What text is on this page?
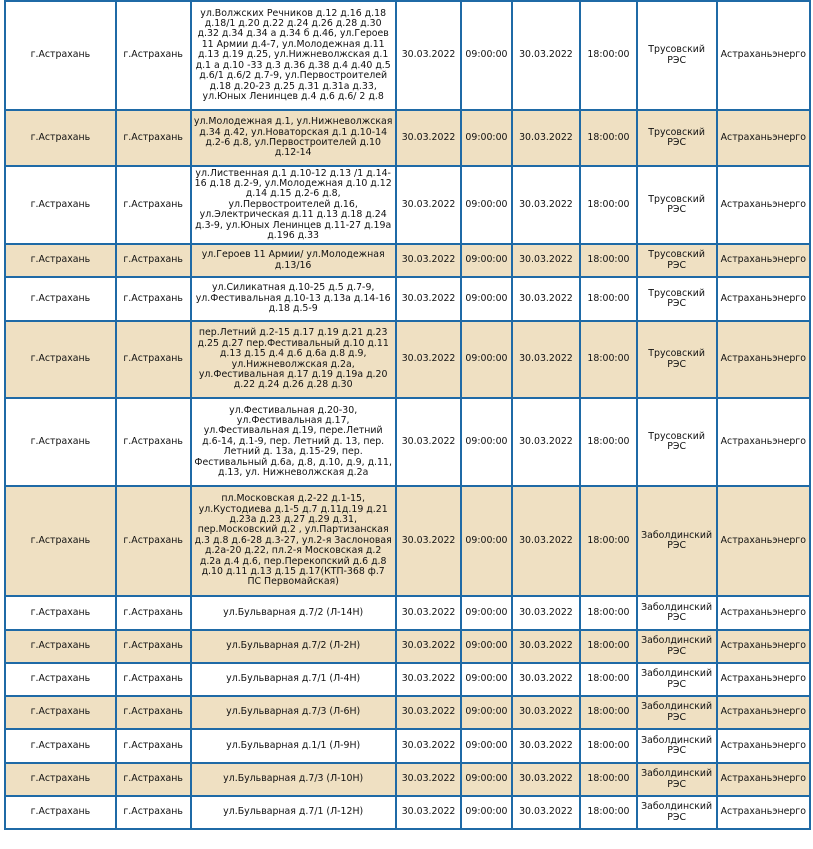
г.Астрахань	г.Астрахань	ул.Волжских Речников д.12 д.16 д.18 д.18/1 д.20 д.22 д.24 д.26 д.28 д.30 д.32 д.34 д.34 а д.34 б д.46, ул.Героев 11 Армии д.4-7, ул.Молодежная д.11 д.13 д.19 д.25, ул.Нижневолжская д.1 д.1 а д.10 -33 д.3 д.36 д.38 д.4 д.40 д.5 д.6/1 д.6/2 д.7-9, ул.Первостроителей д.18 д.20-23 д.25 д.31 д.31а д.33, ул.Юных Ленинцев д.4 д.6 д.6/ 2 д.8	30.03.2022	09:00:00	30.03.2022	18:00:00	Трусовский РЭС	Астраханьэнерго
г.Астрахань	г.Астрахань	ул.Молодежная д.1, ул.Нижневолжская д.34 д.42, ул.Новаторская д.1 д.10-14 д.2-6 д.8, ул.Первостроителей д.10 д.12-14	30.03.2022	09:00:00	30.03.2022	18:00:00	Трусовский РЭС	Астраханьэнерго
г.Астрахань	г.Астрахань	ул.Лиственная д.1 д.10-12 д.13 /1 д.14-16 д.18 д.2-9, ул.Молодежная д.10 д.12 д.14 д.15 д.2-6 д.8, ул.Первостроителей д.16, ул.Электрическая д.11 д.13 д.18 д.24 д.3-9, ул.Юных Ленинцев д.11-27 д.19а д.196 д.33	30.03.2022	09:00:00	30.03.2022	18:00:00	Трусовский РЭС	Астраханьэнерго
г.Астрахань	г.Астрахань	ул.Героев 11 Армии/ ул.Молодежная д.13/16	30.03.2022	09:00:00	30.03.2022	18:00:00	Трусовский РЭС	Астраханьэнерго
г.Астрахань	г.Астрахань	ул.Силикатная д.10-25 д.5 д.7-9, ул.Фестивальная д.10-13 д.13а д.14-16 д.18 д.5-9	30.03.2022	09:00:00	30.03.2022	18:00:00	Трусовский РЭС	Астраханьэнерго
г.Астрахань	г.Астрахань	пер.Летний д.2-15 д.17 д.19 д.21 д.23 д.25 д.27 пер.Фестивальный д.10 д.11 д.13 д.15 д.4 д.6 д.6а д.8 д.9, ул.Нижневолжская д.2а, ул.Фестивальная д.17 д.19 д.19а д.20 д.22 д.24 д.26 д.28 д.30	30.03.2022	09:00:00	30.03.2022	18:00:00	Трусовский РЭС	Астраханьэнерго
г.Астрахань	г.Астрахань	ул.Фестивальная д.20-30, ул.Фестивальная д.17, ул.Фестивальная д.19, пере.Летний д.6-14, д.1-9, пер. Летний д. 13, пер. Летний д. 13а, д.15-29, пер. Фестивальный д.6а, д.8, д.10, д.9, д.11, д.13, ул. Нижневолжская д.2а	30.03.2022	09:00:00	30.03.2022	18:00:00	Трусовский РЭС	Астраханьэнерго
г.Астрахань	г.Астрахань	пл.Московская д.2-22 д.1-15, ул.Кустодиева д.1-5 д.7 д.11д.19 д.21 д.23а д.23 д.27 д.29 д.31, пер.Московский д.2 , ул.Партизанская д.3 д.8 д.6-28 д.3-27, ул.2-я Заслоновая д.2а-20 д.22, пл.2-я Московская д.2 д.2а д.4 д.6, пер.Перекопский д.6 д.8 д.10 д.11 д.13 д.15 д.17(КТП-368 ф.7 ПС Первомайская)	30.03.2022	09:00:00	30.03.2022	18:00:00	Заболдинский РЭС	Астраханьэнерго
г.Астрахань	г.Астрахань	ул.Бульварная д.7/2 (Л-14Н)	30.03.2022	09:00:00	30.03.2022	18:00:00	Заболдинский РЭС	Астраханьэнерго
г.Астрахань	г.Астрахань	ул.Бульварная д.7/2 (Л-2Н)	30.03.2022	09:00:00	30.03.2022	18:00:00	Заболдинский РЭС	Астраханьэнерго
г.Астрахань	г.Астрахань	ул.Бульварная д.7/1 (Л-4Н)	30.03.2022	09:00:00	30.03.2022	18:00:00	Заболдинский РЭС	Астраханьэнерго
г.Астрахань	г.Астрахань	ул.Бульварная д.7/3 (Л-6Н)	30.03.2022	09:00:00	30.03.2022	18:00:00	Заболдинский РЭС	Астраханьэнерго
г.Астрахань	г.Астрахань	ул.Бульварная д.1/1 (Л-9Н)	30.03.2022	09:00:00	30.03.2022	18:00:00	Заболдинский РЭС	Астраханьэнерго
г.Астрахань	г.Астрахань	ул.Бульварная д.7/3 (Л-10Н)	30.03.2022	09:00:00	30.03.2022	18:00:00	Заболдинский РЭС	Астраханьэнерго
г.Астрахань	г.Астрахань	ул.Бульварная д.7/1 (Л-12Н)	30.03.2022	09:00:00	30.03.2022	18:00:00	Заболдинский РЭС	Астраханьэнерго
